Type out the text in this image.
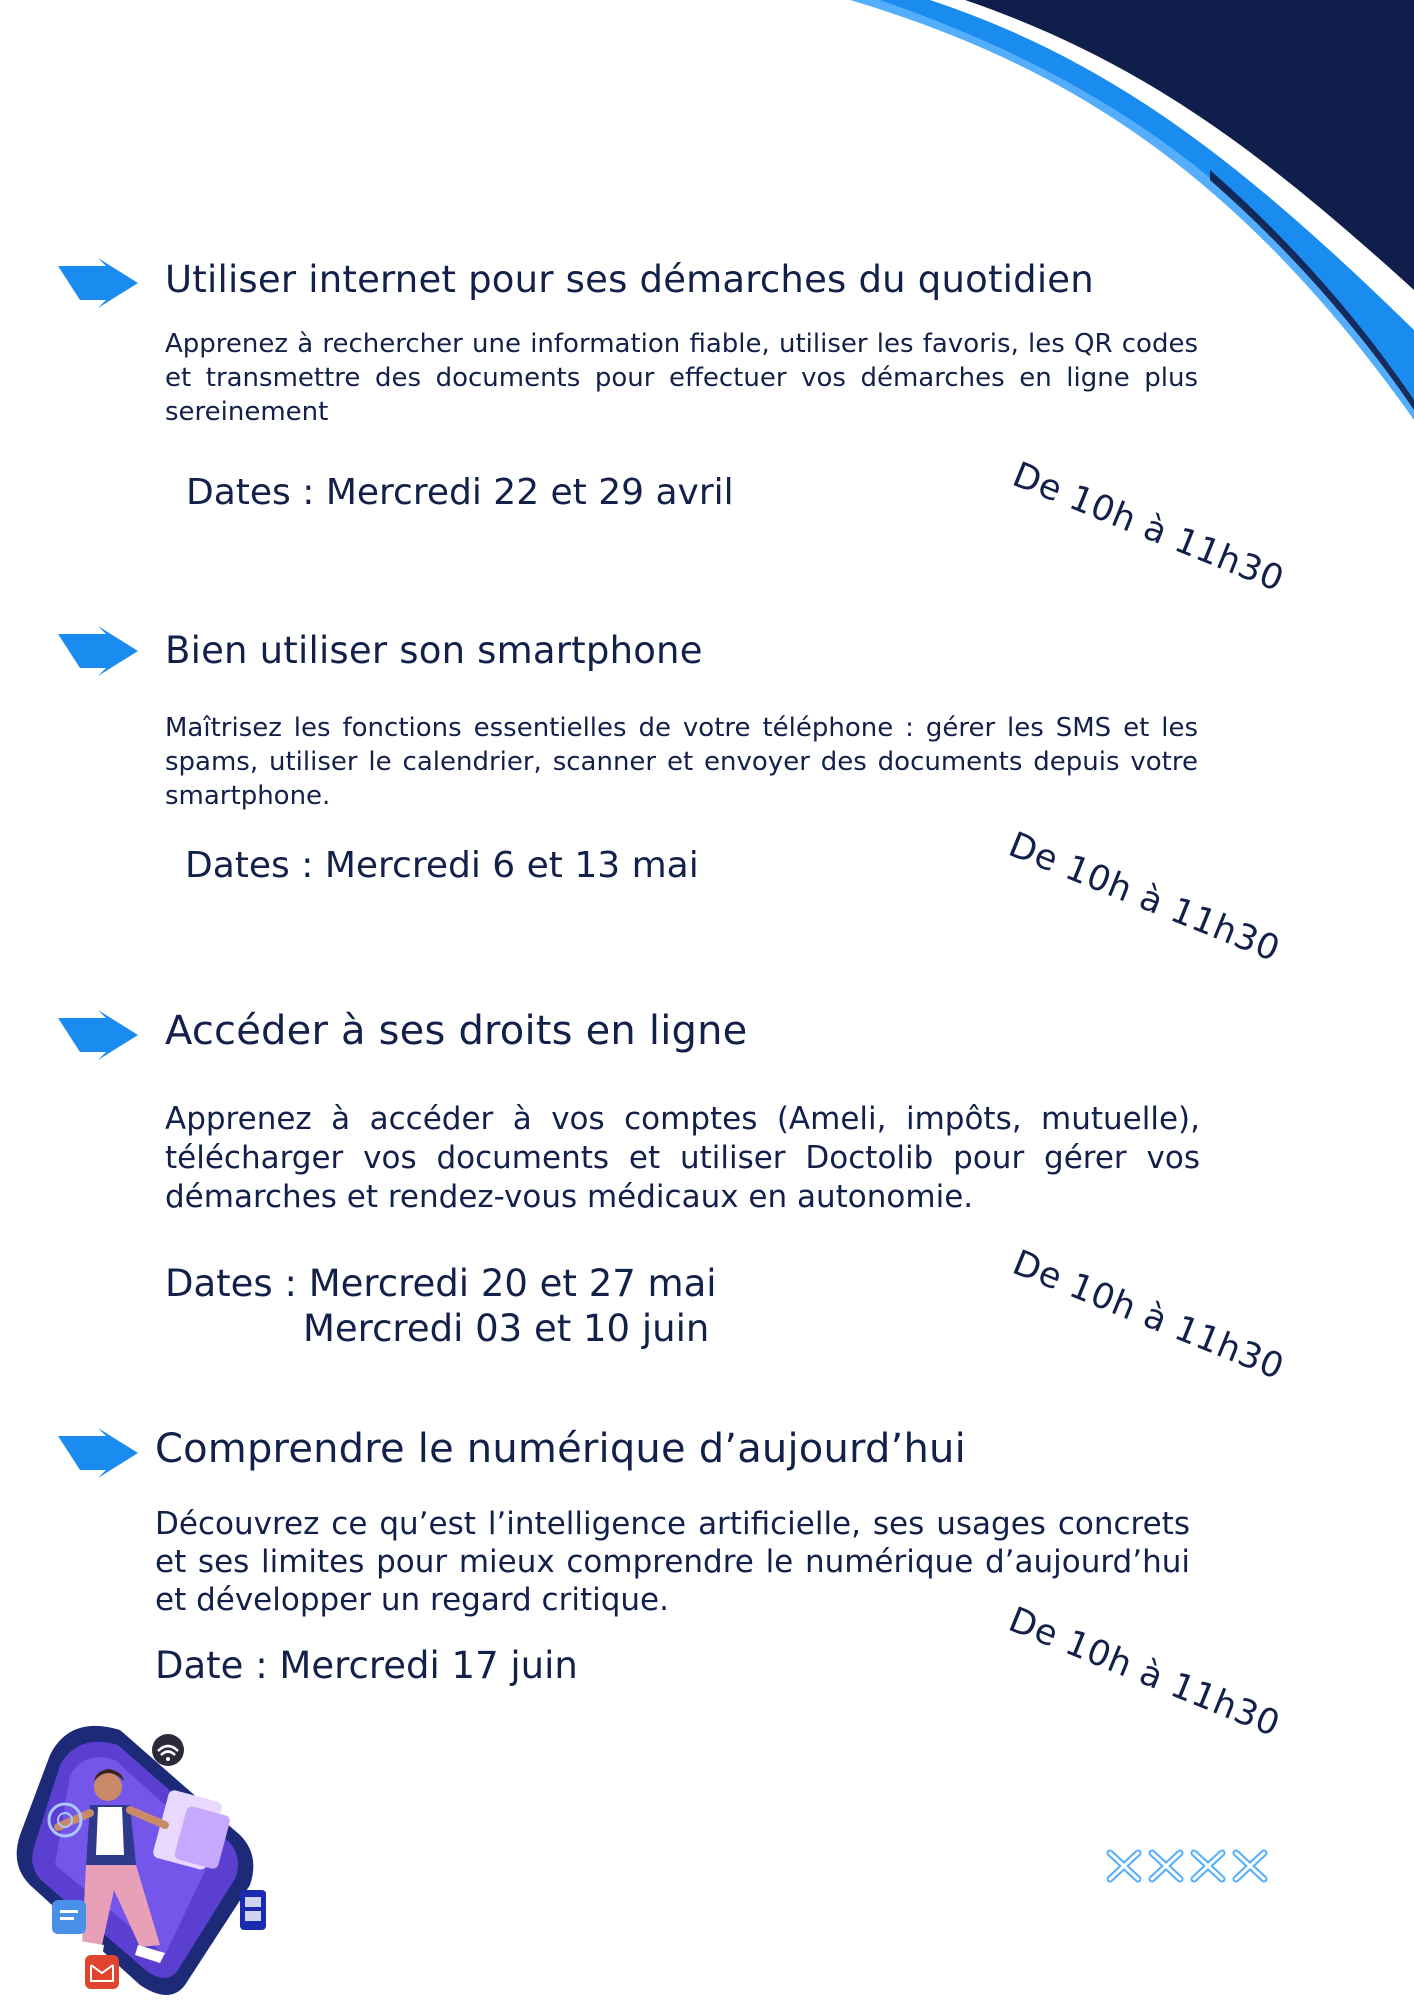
Utiliser internet pour ses démarches du quotidien
Apprenez à rechercher une information fiable, utiliser les favoris, les QR codes et transmettre des documents pour effectuer vos démarches en ligne plus sereinement
Dates : Mercredi 22 et 29 avril	De 10h à 11h30
Bien utiliser son smartphone
Maîtrisez les fonctions essentielles de votre téléphone : gérer les SMS et les spams, utiliser le calendrier, scanner et envoyer des documents depuis votre smartphone.
Dates : Mercredi 6 et 13 mai	De 10h à 11h30
Accéder à ses droits en ligne
Apprenez à accéder à vos comptes (Ameli, impôts, mutuelle), télécharger vos documents et utiliser Doctolib pour gérer vos démarches et rendez-vous médicaux en autonomie.
Dates : Mercredi 20 et 27 mai
Mercredi 03 et 10 juin	De 10h à 11h30
Comprendre le numérique d’aujourd’hui
Découvrez ce qu’est l’intelligence artificielle, ses usages concrets et ses limites pour mieux comprendre le numérique d’aujourd’hui et développer un regard critique.
Date : Mercredi 17 juin	De 10h à 11h30
